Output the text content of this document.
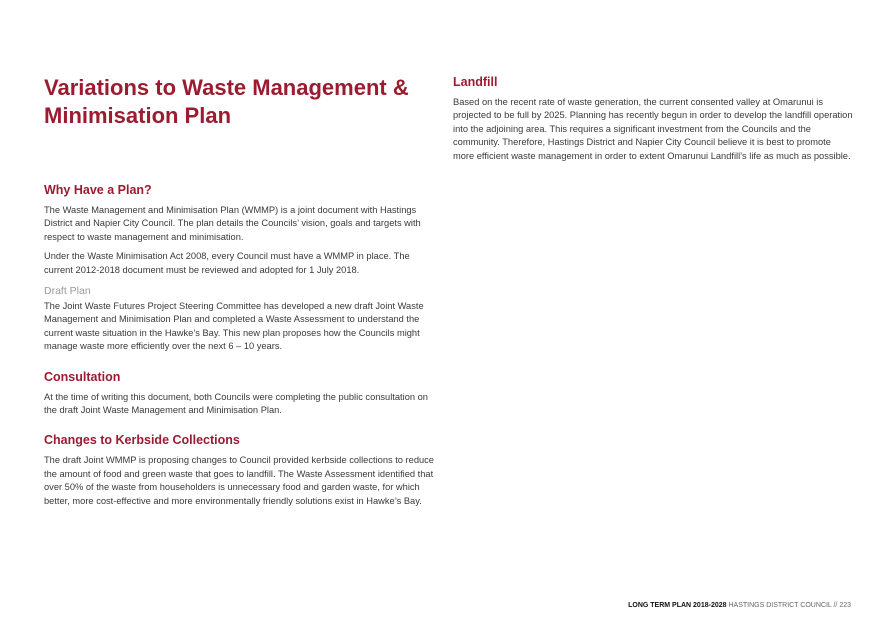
Variations to Waste Management & Minimisation Plan
Why Have a Plan?

The Waste Management and Minimisation Plan (WMMP) is a joint document with Hastings District and Napier City Council. The plan details the Councils’ vision, goals and targets with respect to waste management and minimisation.

Under the Waste Minimisation Act 2008, every Council must have a WMMP in place. The current 2012-2018 document must be reviewed and adopted for 1 July 2018.

Draft Plan

The Joint Waste Futures Project Steering Committee has developed a new draft Joint Waste Management and Minimisation Plan and completed a Waste Assessment to understand the current waste situation in the Hawke’s Bay. This new plan proposes how the Councils might manage waste more efficiently over the next 6 – 10 years.

Consultation

At the time of writing this document, both Councils were completing the public consultation on the draft Joint Waste Management and Minimisation Plan.

Changes to Kerbside Collections

The draft Joint WMMP is proposing changes to Council provided kerbside collections to reduce the amount of food and green waste that goes to landfill. The Waste Assessment identified that over 50% of the waste from householders is unnecessary food and garden waste, for which better, more cost-effective and more environmentally friendly solutions exist in Hawke’s Bay.

Landfill

Based on the recent rate of waste generation, the current consented valley at Omarunui is projected to be full by 2025. Planning has recently begun in order to develop the landfill operation into the adjoining area. This requires a significant investment from the Councils and the community. Therefore, Hastings District and Napier City Council believe it is best to promote more efficient waste management in order to extent Omarunui Landfill’s life as much as possible.

LONG TERM PLAN 2018-2028 HASTINGS DISTRICT COUNCIL // 223
